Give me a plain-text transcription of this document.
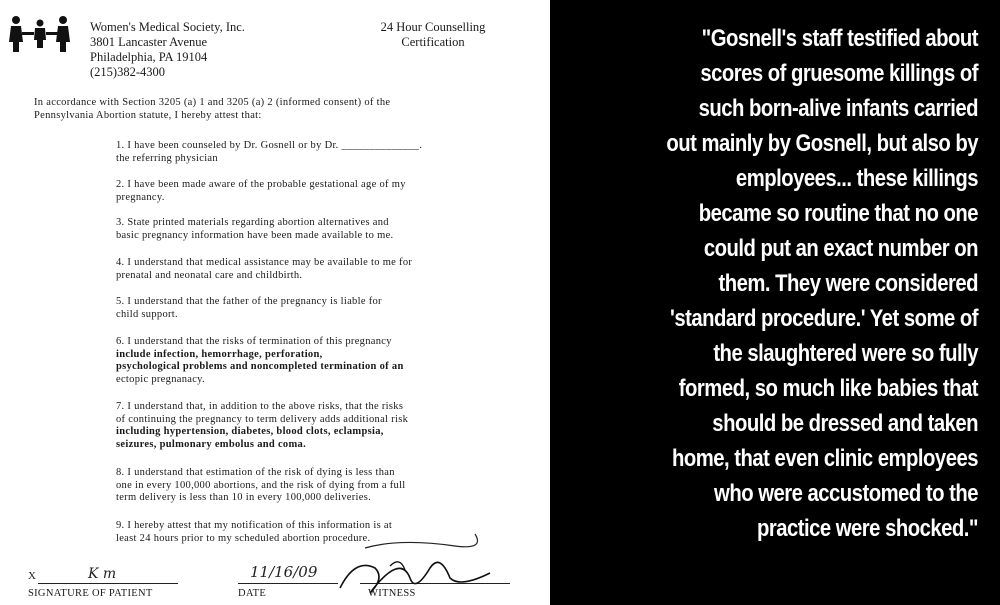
Women's Medical Society, Inc.
3801 Lancaster Avenue
Philadelphia, PA 19104
(215)382-4300
24 Hour Counselling
Certification
In accordance with Section 3205 (a) 1 and 3205 (a) 2 (informed consent) of the
Pennsylvania Abortion statute, I hereby attest that:
1. I have been counseled by Dr. Gosnell or by Dr. ______________.
the referring physician
2. I have been made aware of the probable gestational age of my
pregnancy.
3. State printed materials regarding abortion alternatives and
basic pregnancy information have been made available to me.
4. I understand that medical assistance may be available to me for
prenatal and neonatal care and childbirth.
5. I understand that the father of the pregnancy is liable for
child support.
6. I understand that the risks of termination of this pregnancy
include infection, hemorrhage, perforation,
psychological problems and noncompleted termination of an
ectopic pregnanacy.
7. I understand that, in addition to the above risks, that the risks
of continuing the pregnancy to term delivery adds additional risk
including hypertension, diabetes, blood clots, eclampsia,
seizures, pulmonary embolus and coma.
8. I understand that estimation of the risk of dying is less than
one in every 100,000 abortions, and the risk of dying from a full
term delivery is less than 10 in every 100,000 deliveries.
9. I hereby attest that my notification of this information is at
least 24 hours prior to my scheduled abortion procedure.
X	K m
SIGNATURE OF PATIENT
11/16/09
DATE	WITNESS
"Gosnell's staff testified about
scores of gruesome killings of
such born-alive infants carried
out mainly by Gosnell, but also by
employees... these killings
became so routine that no one
could put an exact number on
them. They were considered
'standard procedure.' Yet some of
the slaughtered were so fully
formed, so much like babies that
should be dressed and taken
home, that even clinic employees
who were accustomed to the
practice were shocked."
